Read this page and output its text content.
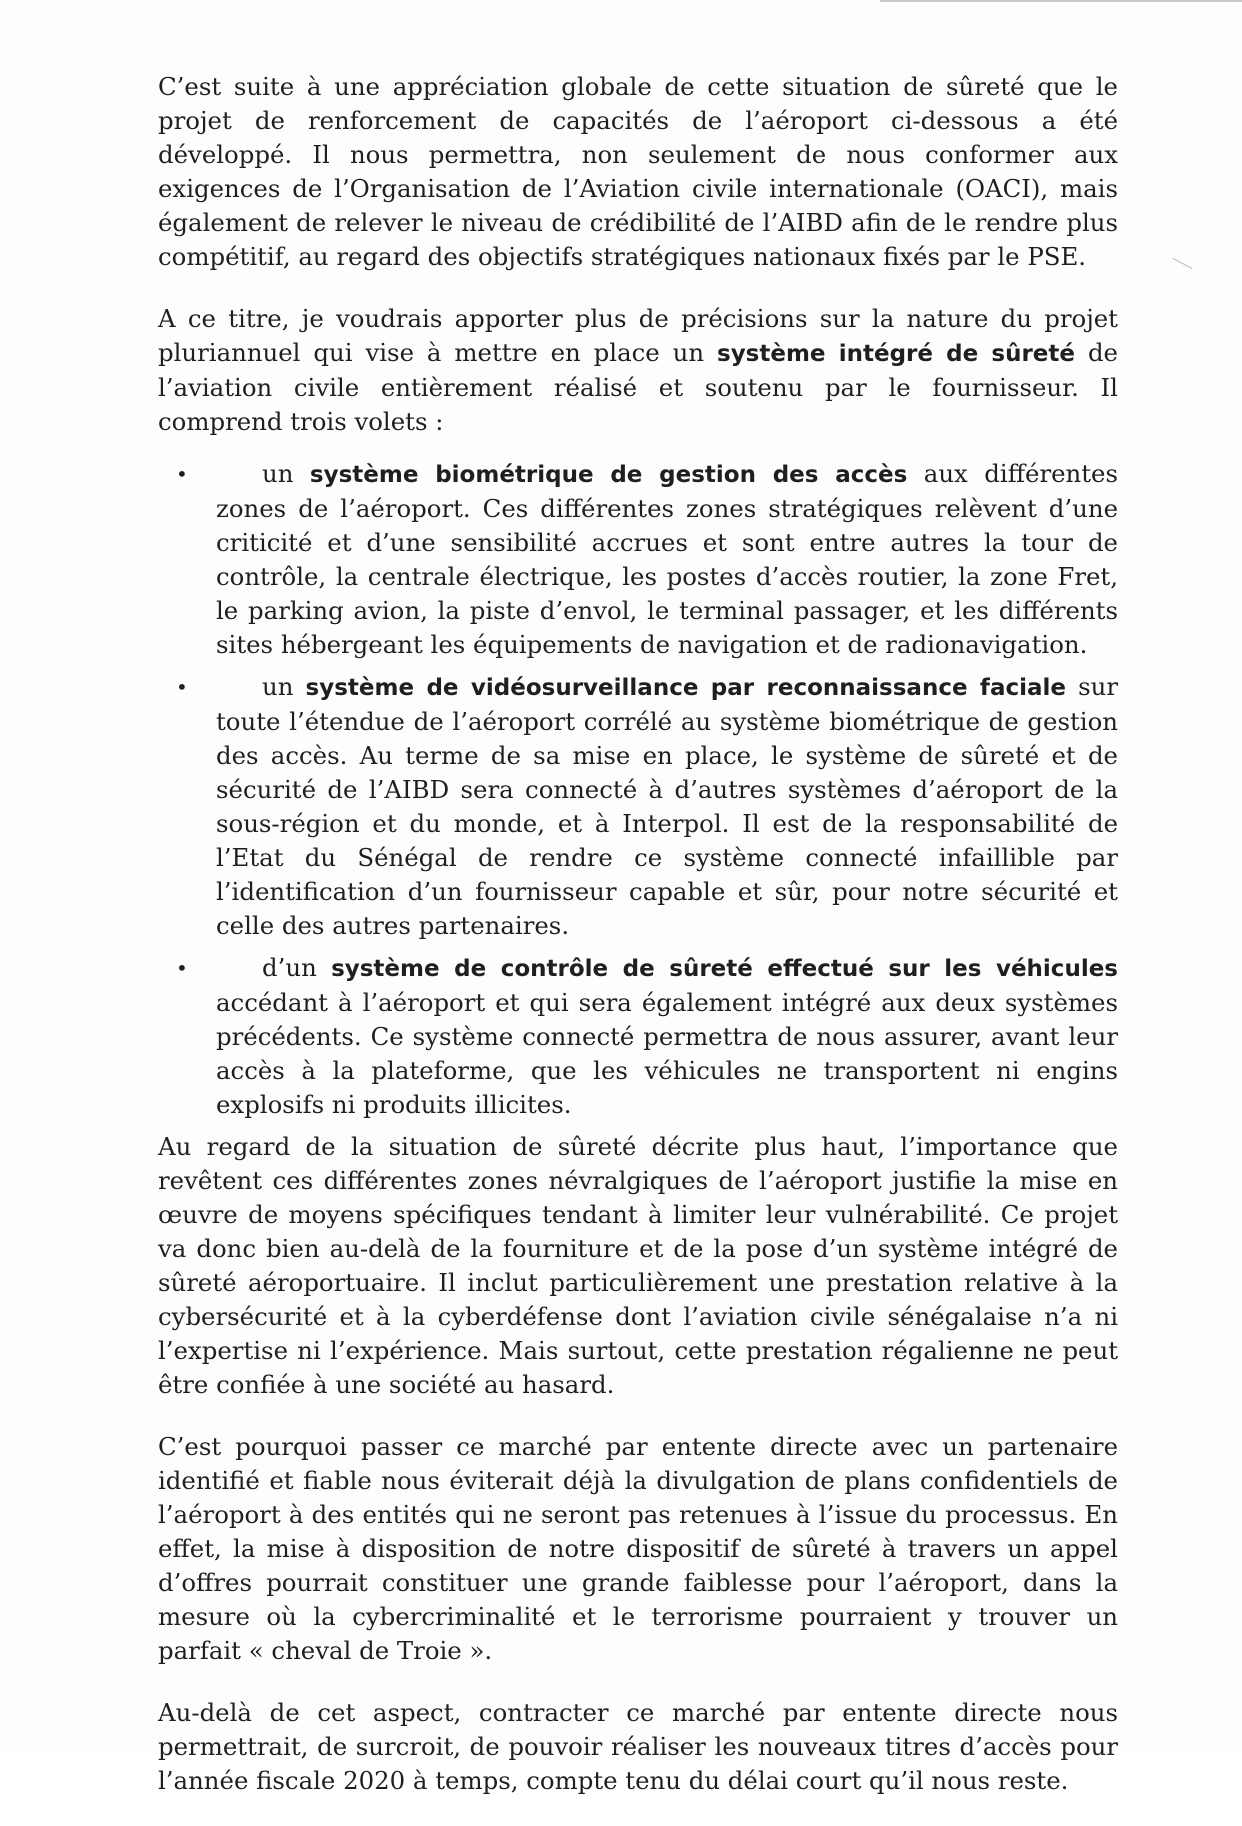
C’est suite à une appréciation globale de cette situation de sûreté que le projet de renforcement de capacités de l’aéroport ci-dessous a été développé. Il nous permettra, non seulement de nous conformer aux exigences de l’Organisation de l’Aviation civile internationale (OACI), mais également de relever le niveau de crédibilité de l’AIBD afin de le rendre plus compétitif, au regard des objectifs stratégiques nationaux fixés par le PSE.

A ce titre, je voudrais apporter plus de précisions sur la nature du projet pluriannuel qui vise à mettre en place un système intégré de sûreté de l’aviation civile entièrement réalisé et soutenu par le fournisseur. Il comprend trois volets :

•	un système biométrique de gestion des accès aux différentes zones de l’aéroport. Ces différentes zones stratégiques relèvent d’une criticité et d’une sensibilité accrues et sont entre autres la tour de contrôle, la centrale électrique, les postes d’accès routier, la zone Fret, le parking avion, la piste d’envol, le terminal passager, et les différents sites hébergeant les équipements de navigation et de radionavigation.
•	un système de vidéosurveillance par reconnaissance faciale sur toute l’étendue de l’aéroport corrélé au système biométrique de gestion des accès. Au terme de sa mise en place, le système de sûreté et de sécurité de l’AIBD sera connecté à d’autres systèmes d’aéroport de la sous-région et du monde, et à Interpol. Il est de la responsabilité de l’Etat du Sénégal de rendre ce système connecté infaillible par l’identification d’un fournisseur capable et sûr, pour notre sécurité et celle des autres partenaires.
•	d’un système de contrôle de sûreté effectué sur les véhicules accédant à l’aéroport et qui sera également intégré aux deux systèmes précédents. Ce système connecté permettra de nous assurer, avant leur accès à la plateforme, que les véhicules ne transportent ni engins explosifs ni produits illicites.

Au regard de la situation de sûreté décrite plus haut, l’importance que revêtent ces différentes zones névralgiques de l’aéroport justifie la mise en œuvre de moyens spécifiques tendant à limiter leur vulnérabilité. Ce projet va donc bien au-delà de la fourniture et de la pose d’un système intégré de sûreté aéroportuaire. Il inclut particulièrement une prestation relative à la cybersécurité et à la cyberdéfense dont l’aviation civile sénégalaise n’a ni l’expertise ni l’expérience. Mais surtout, cette prestation régalienne ne peut être confiée à une société au hasard.

C’est pourquoi passer ce marché par entente directe avec un partenaire identifié et fiable nous éviterait déjà la divulgation de plans confidentiels de l’aéroport à des entités qui ne seront pas retenues à l’issue du processus. En effet, la mise à disposition de notre dispositif de sûreté à travers un appel d’offres pourrait constituer une grande faiblesse pour l’aéroport, dans la mesure où la cybercriminalité et le terrorisme pourraient y trouver un parfait « cheval de Troie ».

Au-delà de cet aspect, contracter ce marché par entente directe nous permettrait, de surcroit, de pouvoir réaliser les nouveaux titres d’accès pour l’année fiscale 2020 à temps, compte tenu du délai court qu’il nous reste.
